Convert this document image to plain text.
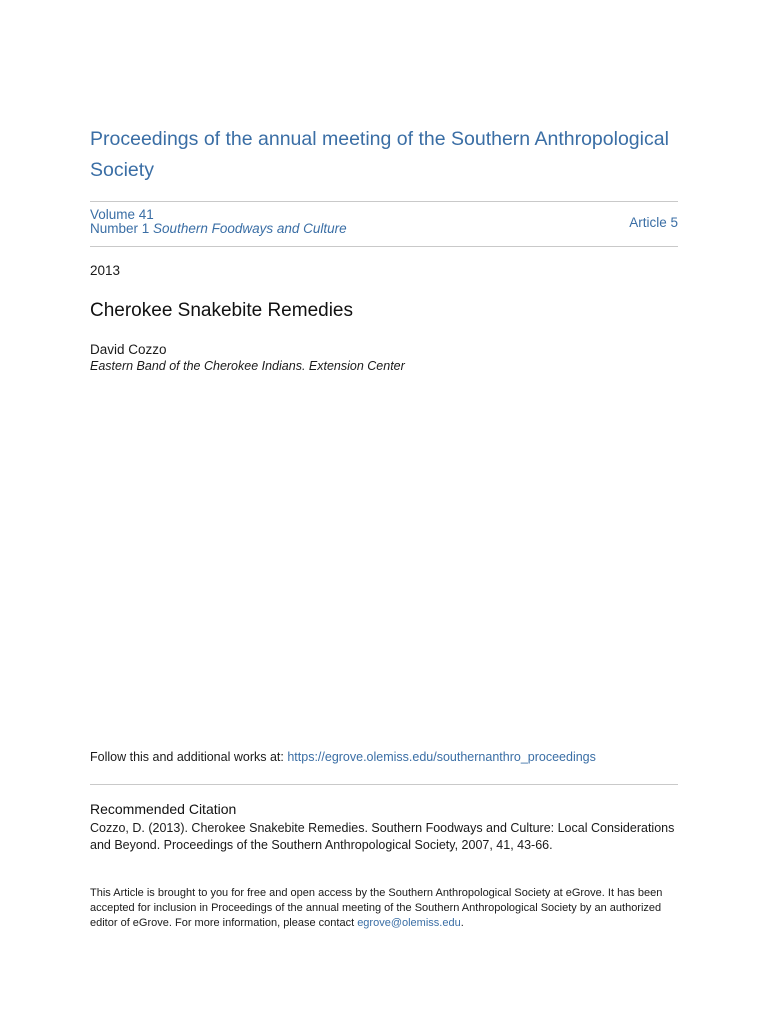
Proceedings of the annual meeting of the Southern Anthropological Society
Volume 41
Number 1 Southern Foodways and Culture	Article 5
2013
Cherokee Snakebite Remedies
David Cozzo
Eastern Band of the Cherokee Indians. Extension Center
Follow this and additional works at: https://egrove.olemiss.edu/southernanthro_proceedings
Recommended Citation
Cozzo, D. (2013). Cherokee Snakebite Remedies. Southern Foodways and Culture: Local Considerations and Beyond. Proceedings of the Southern Anthropological Society, 2007, 41, 43-66.
This Article is brought to you for free and open access by the Southern Anthropological Society at eGrove. It has been accepted for inclusion in Proceedings of the annual meeting of the Southern Anthropological Society by an authorized editor of eGrove. For more information, please contact egrove@olemiss.edu.
